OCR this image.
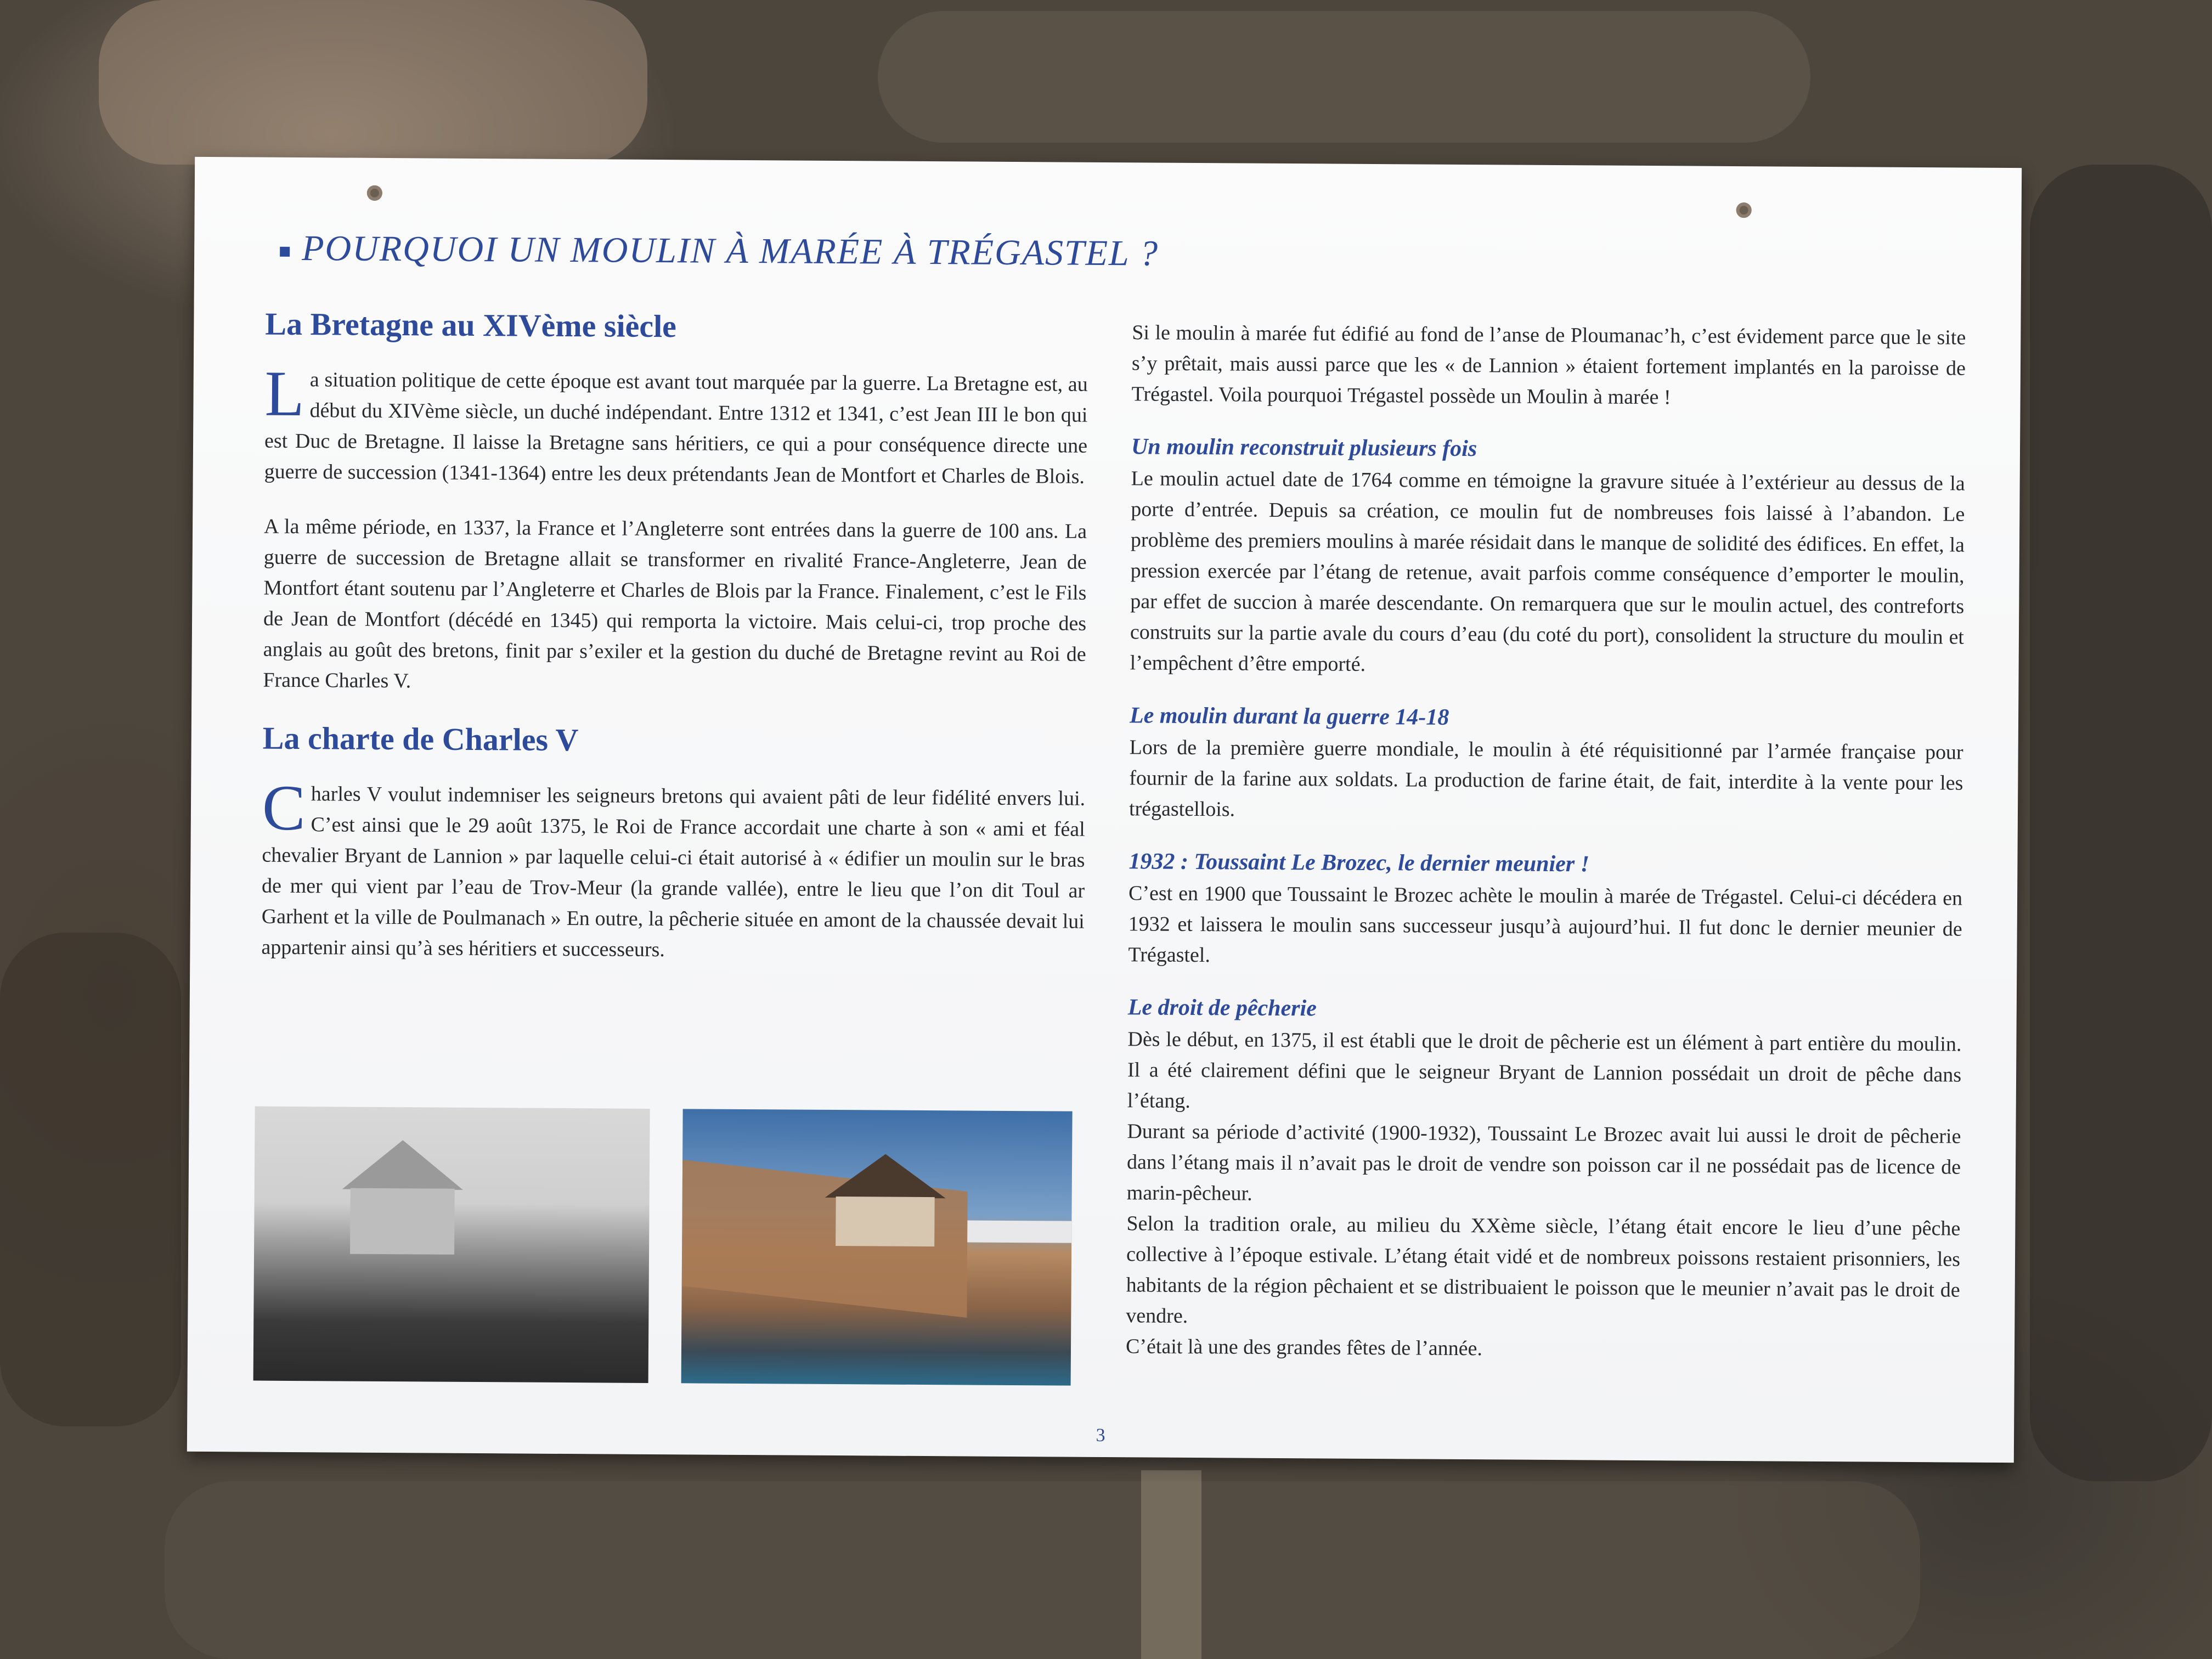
POURQUOI UN MOULIN À MARÉE À TRÉGASTEL ?
La Bretagne au XIVème siècle

La situation politique de cette époque est avant tout marquée par la guerre. La Bretagne est, au début du XIVème siècle, un duché indépendant. Entre 1312 et 1341, c’est Jean III le bon qui est Duc de Bretagne. Il laisse la Bretagne sans héritiers, ce qui a pour conséquence directe une guerre de succession (1341-1364) entre les deux prétendants Jean de Montfort et Charles de Blois.

A la même période, en 1337, la France et l’Angleterre sont entrées dans la guerre de 100 ans. La guerre de succession de Bretagne allait se transformer en rivalité France-Angleterre, Jean de Montfort étant soutenu par l’Angleterre et Charles de Blois par la France. Finalement, c’est le Fils de Jean de Montfort (décédé en 1345) qui remporta la victoire. Mais celui-ci, trop proche des anglais au goût des bretons, finit par s’exiler et la gestion du duché de Bretagne revint au Roi de France Charles V.

La charte de Charles V

Charles V voulut indemniser les seigneurs bretons qui avaient pâti de leur fidélité envers lui. C’est ainsi que le 29 août 1375, le Roi de France accordait une charte à son « ami et féal chevalier Bryant de Lannion » par laquelle celui-ci était autorisé à « édifier un moulin sur le bras de mer qui vient par l’eau de Trov-Meur (la grande vallée), entre le lieu que l’on dit Toul ar Garhent et la ville de Poulmanach » En outre, la pêcherie située en amont de la chaussée devait lui appartenir ainsi qu’à ses héritiers et successeurs.

Si le moulin à marée fut édifié au fond de l’anse de Ploumanac’h, c’est évidement parce que le site s’y prêtait, mais aussi parce que les « de Lannion » étaient fortement implantés en la paroisse de Trégastel. Voila pourquoi Trégastel possède un Moulin à marée !

Un moulin reconstruit plusieurs fois

Le moulin actuel date de 1764 comme en témoigne la gravure située à l’extérieur au dessus de la porte d’entrée. Depuis sa création, ce moulin fut de nombreuses fois laissé à l’abandon. Le problème des premiers moulins à marée résidait dans le manque de solidité des édifices. En effet, la pression exercée par l’étang de retenue, avait parfois comme conséquence d’emporter le moulin, par effet de succion à marée descendante. On remarquera que sur le moulin actuel, des contreforts construits sur la partie avale du cours d’eau (du coté du port), consolident la structure du moulin et l’empêchent d’être emporté.

Le moulin durant la guerre 14-18

Lors de la première guerre mondiale, le moulin à été réquisitionné par l’armée française pour fournir de la farine aux soldats. La production de farine était, de fait, interdite à la vente pour les trégastellois.

1932 : Toussaint Le Brozec, le dernier meunier !

C’est en 1900 que Toussaint le Brozec achète le moulin à marée de Trégastel. Celui-ci décédera en 1932 et laissera le moulin sans successeur jusqu’à aujourd’hui. Il fut donc le dernier meunier de Trégastel.

Le droit de pêcherie

Dès le début, en 1375, il est établi que le droit de pêcherie est un élément à part entière du moulin. Il a été clairement défini que le seigneur Bryant de Lannion possédait un droit de pêche dans l’étang.

Durant sa période d’activité (1900-1932), Toussaint Le Brozec avait lui aussi le droit de pêcherie dans l’étang mais il n’avait pas le droit de vendre son poisson car il ne possédait pas de licence de marin-pêcheur.

Selon la tradition orale, au milieu du XXème siècle, l’étang était encore le lieu d’une pêche collective à l’époque estivale. L’étang était vidé et de nombreux poissons restaient prisonniers, les habitants de la région pêchaient et se distribuaient le poisson que le meunier n’avait pas le droit de vendre.

C’était là une des grandes fêtes de l’année.

3
